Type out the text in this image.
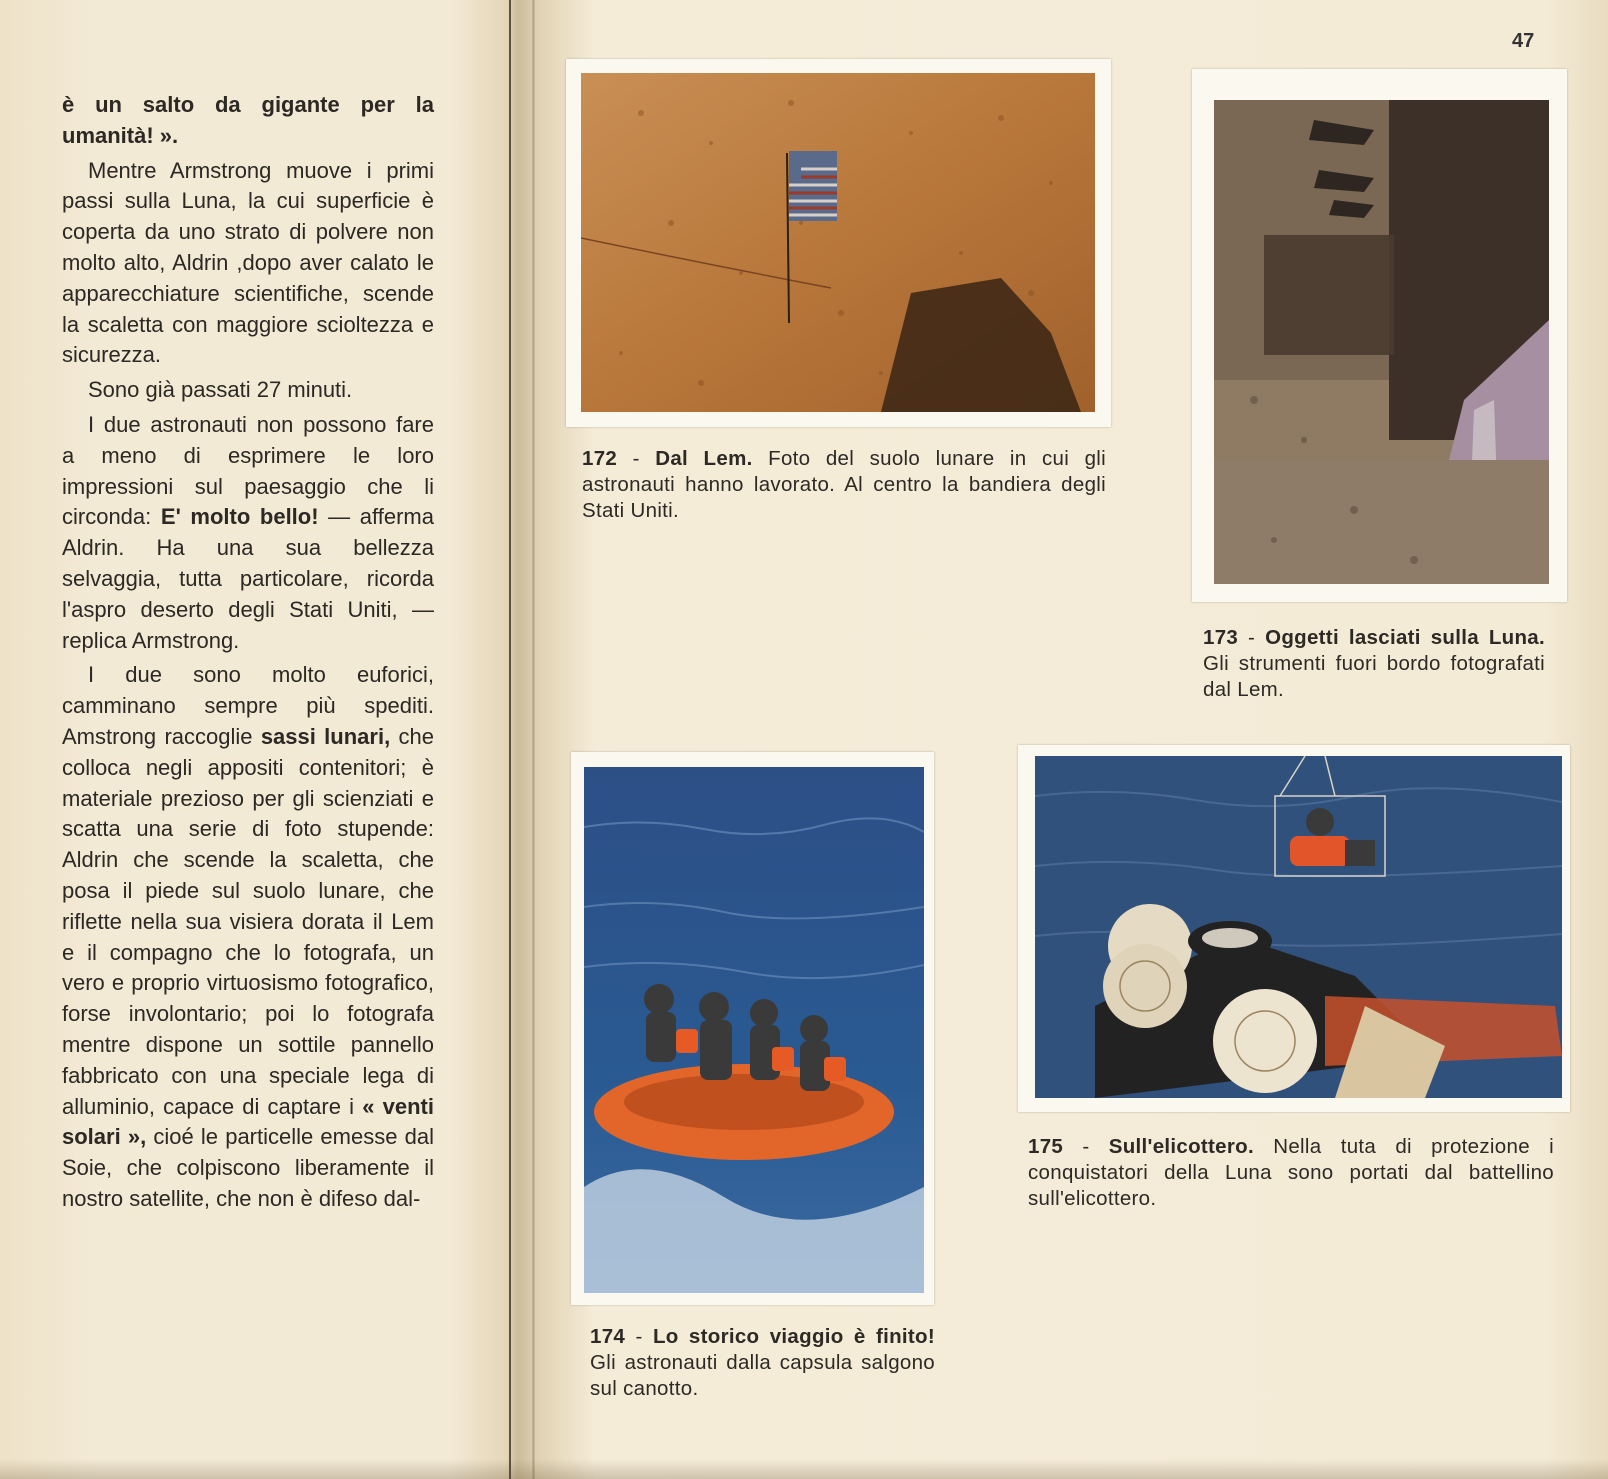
47

è un salto da gigante per la umanità! ».

Mentre Armstrong muove i primi passi sulla Luna, la cui superficie è coperta da uno strato di polvere non molto alto, Aldrin ,dopo aver calato le apparecchiature scientifiche, scende la scaletta con maggiore scioltezza e sicurezza.

Sono già passati 27 minuti.

I due astronauti non possono fare a meno di esprimere le loro impressioni sul paesaggio che li circonda: E' molto bello! — afferma Aldrin. Ha una sua bellezza selvaggia, tutta particolare, ricorda l'aspro deserto degli Stati Uniti, — replica Armstrong.

I due sono molto euforici, camminano sempre più spediti. Amstrong raccoglie sassi lunari, che colloca negli appositi contenitori; è materiale prezioso per gli scienziati e scatta una serie di foto stupende: Aldrin che scende la scaletta, che posa il piede sul suolo lunare, che riflette nella sua visiera dorata il Lem e il compagno che lo fotografa, un vero e proprio virtuosismo fotografico, forse involontario; poi lo fotografa mentre dispone un sottile pannello fabbricato con una speciale lega di alluminio, capace di captare i « venti solari », cioé le particelle emesse dal Soie, che colpiscono liberamente il nostro satellite, che non è difeso dal-

172 - Dal Lem. Foto del suolo lunare in cui gli astronauti hanno lavorato. Al centro la bandiera degli Stati Uniti.
173 - Oggetti lasciati sulla Luna. Gli strumenti fuori bordo fotografati dal Lem.
174 - Lo storico viaggio è finito! Gli astronauti dalla capsula salgono sul canotto.
175 - Sull'elicottero. Nella tuta di protezione i conquistatori della Luna sono portati dal battellino sull'elicottero.
